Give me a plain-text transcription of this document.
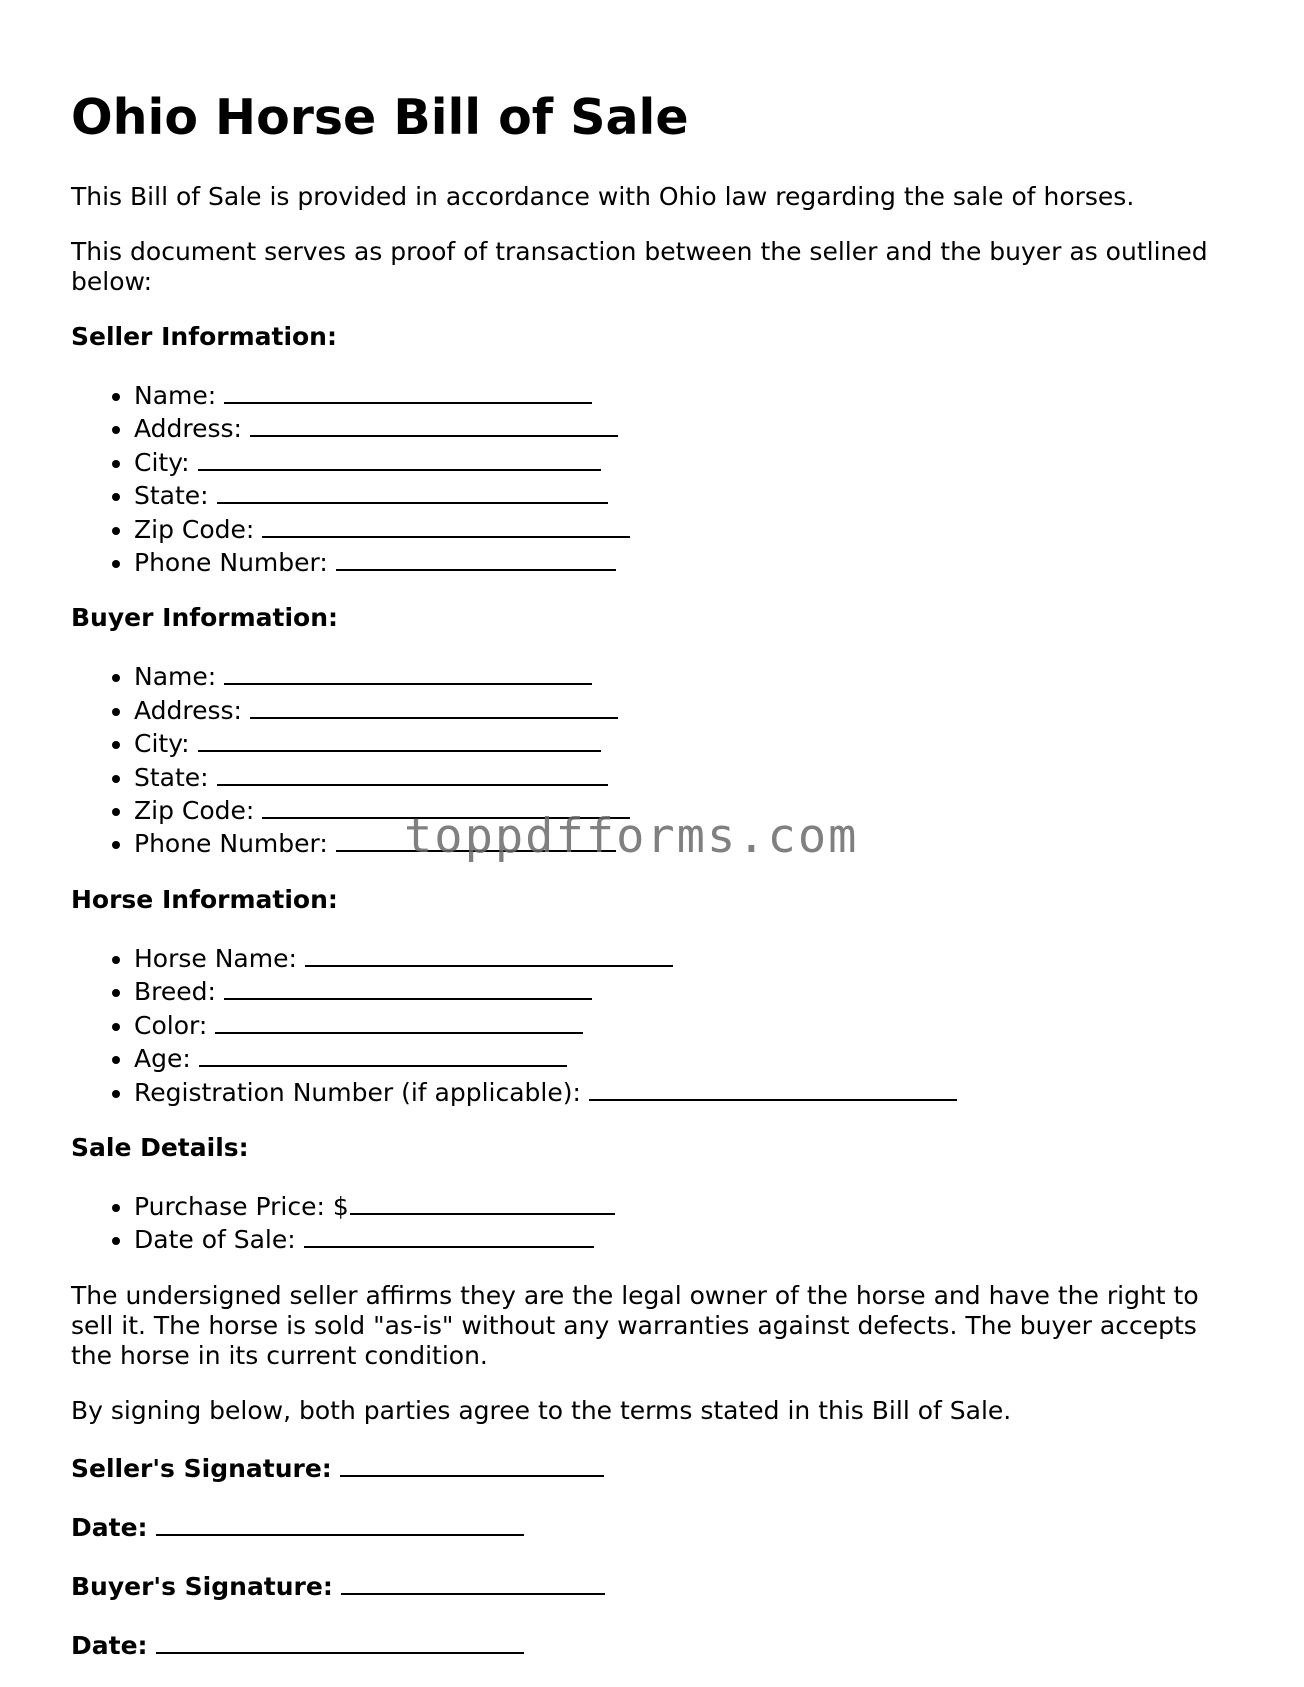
Ohio Horse Bill of Sale

This Bill of Sale is provided in accordance with Ohio law regarding the sale of horses.

This document serves as proof of transaction between the seller and the buyer as outlined below:

Seller Information:

• Name:
• Address:
• City:
• State:
• Zip Code:
• Phone Number:

Buyer Information:

• Name:
• Address:
• City:
• State:
• Zip Code:
• Phone Number:

Horse Information:

• Horse Name:
• Breed:
• Color:
• Age:
• Registration Number (if applicable):

Sale Details:

• Purchase Price: $
• Date of Sale:

The undersigned seller affirms they are the legal owner of the horse and have the right to sell it. The horse is sold "as-is" without any warranties against defects. The buyer accepts the horse in its current condition.

By signing below, both parties agree to the terms stated in this Bill of Sale.

Seller's Signature:

Date:

Buyer's Signature:

Date:

toppdfforms.com
